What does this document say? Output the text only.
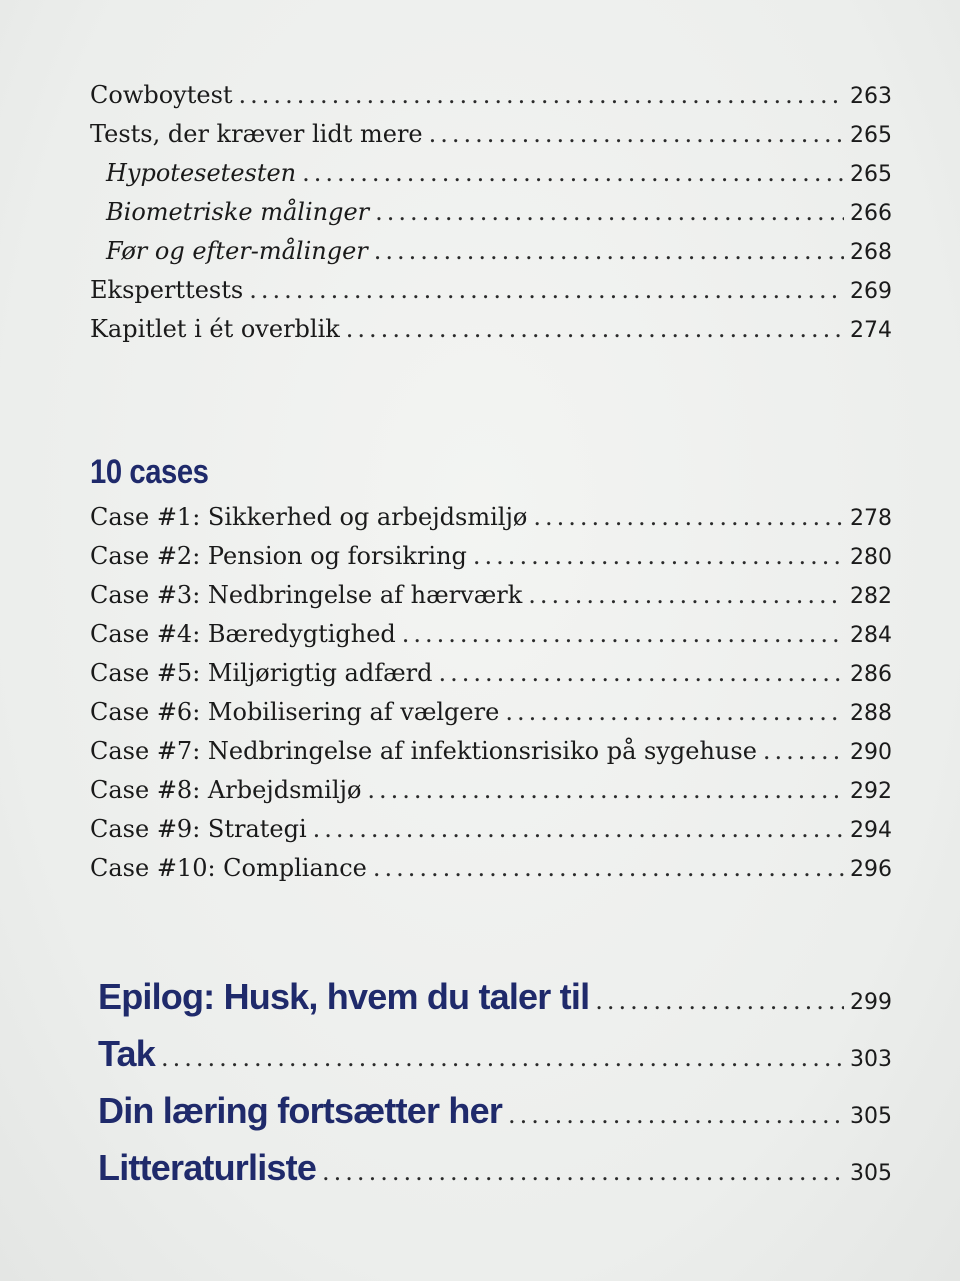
Cowboytest .....	263
Tests, der kræver lidt mere .....	265
Hypotesetesten .....	265
Biometriske målinger .....	266
Før og efter-målinger .....	268
Eksperttests .....	269
Kapitlet i ét overblik .....	274
10 cases
Case #1: Sikkerhed og arbejdsmiljø .....	278
Case #2: Pension og forsikring .....	280
Case #3: Nedbringelse af hærværk .....	282
Case #4: Bæredygtighed .....	284
Case #5: Miljørigtig adfærd .....	286
Case #6: Mobilisering af vælgere .....	288
Case #7: Nedbringelse af infektionsrisiko på sygehuse .....	290
Case #8: Arbejdsmiljø .....	292
Case #9: Strategi .....	294
Case #10: Compliance .....	296
Epilog: Husk, hvem du taler til .....	299
Tak .....	303
Din læring fortsætter her .....	305
Litteraturliste .....	305
